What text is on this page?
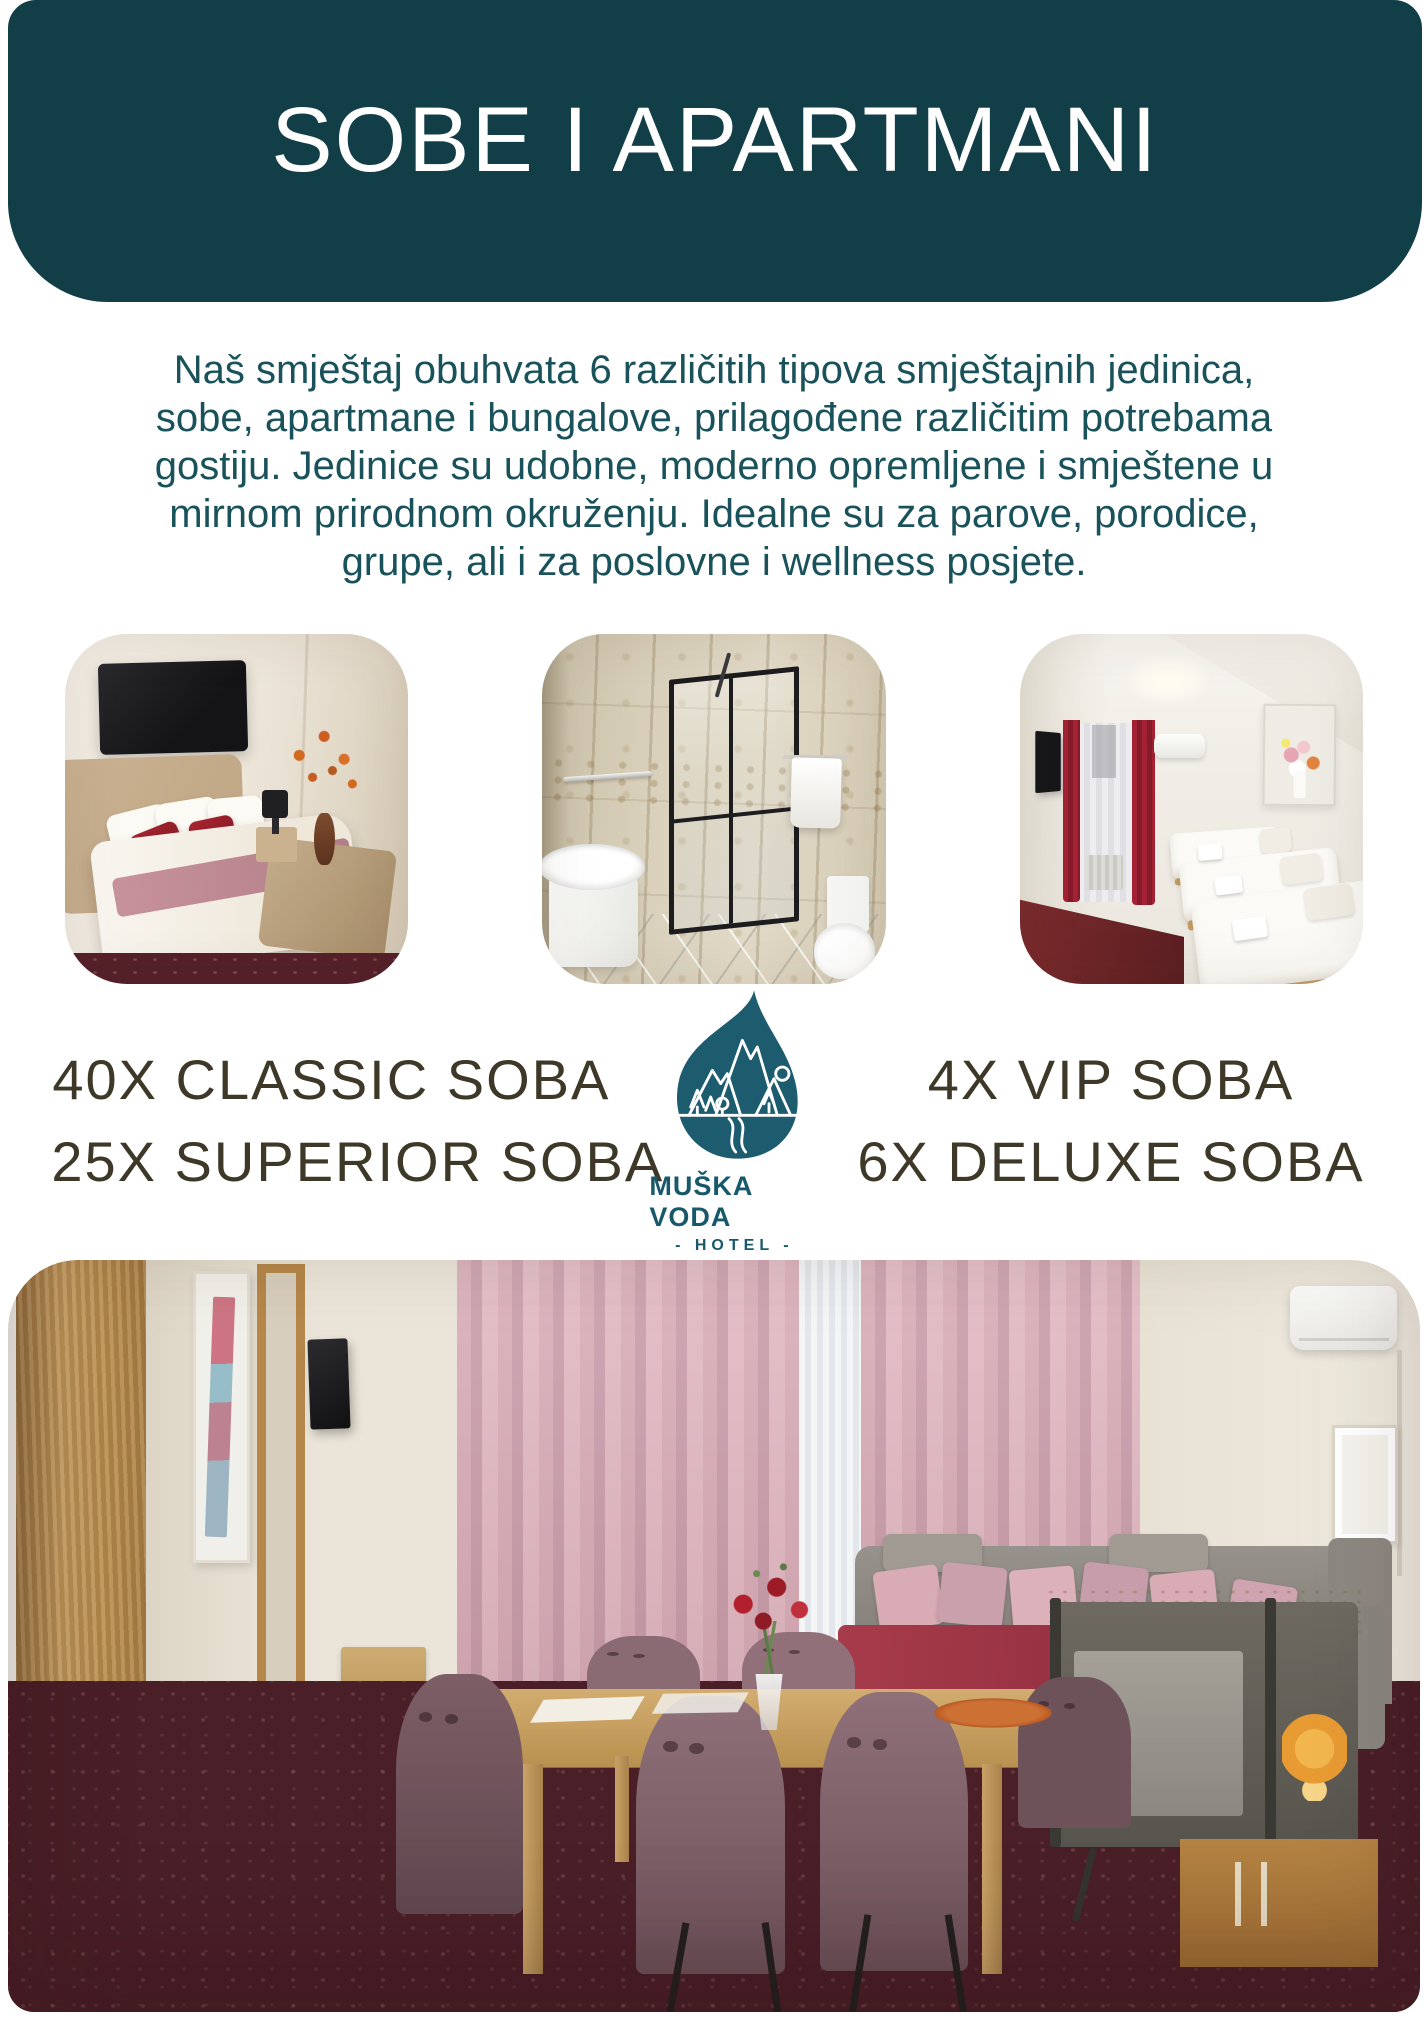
SOBE I APARTMANI
Naš smještaj obuhvata 6 različitih tipova smještajnih jedinica,
sobe, apartmane i bungalove, prilagođene različitim potrebama
gostiju. Jedinice su udobne, moderno opremljene i smještene u
mirnom prirodnom okruženju. Idealne su za parove, porodice,
grupe, ali i za poslovne i wellness posjete.
40X CLASSIC SOBA
25X SUPERIOR SOBA
MUŠKA VODA
- HOTEL -
4X VIP SOBA
6X DELUXE SOBA
